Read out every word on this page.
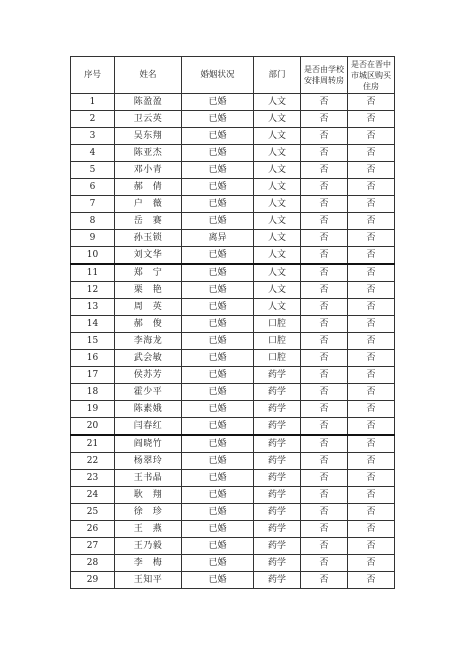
序号	姓名	婚姻状况	部门	是否由学校安排周转房	是否在晋中市城区购买住房
1	陈盈盈	已婚	人文	否	否
2	卫云英	已婚	人文	否	否
3	吴东翔	已婚	人文	否	否
4	陈亚杰	已婚	人文	否	否
5	邓小青	已婚	人文	否	否
6	郝　倩	已婚	人文	否	否
7	户　薇	已婚	人文	否	否
8	岳　赛	已婚	人文	否	否
9	孙玉锁	离异	人文	否	否
10	刘文华	已婚	人文	否	否
11	郑　宁	已婚	人文	否	否
12	栗　艳	已婚	人文	否	否
13	周　英	已婚	人文	否	否
14	郝　俊	已婚	口腔	否	否
15	李海龙	已婚	口腔	否	否
16	武会敏	已婚	口腔	否	否
17	侯苏芳	已婚	药学	否	否
18	霍少平	已婚	药学	否	否
19	陈素娥	已婚	药学	否	否
20	闫春红	已婚	药学	否	否
21	阎晓竹	已婚	药学	否	否
22	杨翠玲	已婚	药学	否	否
23	王书晶	已婚	药学	否	否
24	耿　翔	已婚	药学	否	否
25	徐　珍	已婚	药学	否	否
26	王　燕	已婚	药学	否	否
27	王乃毅	已婚	药学	否	否
28	李　梅	已婚	药学	否	否
29	王知平	已婚	药学	否	否
